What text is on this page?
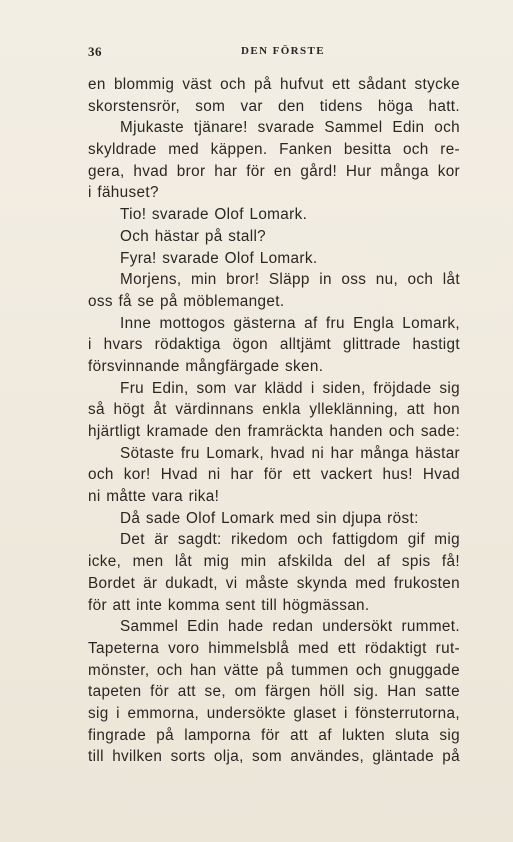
36	DEN FÖRSTE
en blommig väst och på hufvut ett sådant stycke
skorstensrör, som var den tidens höga hatt.
Mjukaste tjänare! svarade Sammel Edin och
skyldrade med käppen. Fanken besitta och re-
gera, hvad bror har för en gård! Hur många kor
i fähuset?
Tio! svarade Olof Lomark.
Och hästar på stall?
Fyra! svarade Olof Lomark.
Morjens, min bror! Släpp in oss nu, och låt
oss få se på möblemanget.
Inne mottogos gästerna af fru Engla Lomark,
i hvars rödaktiga ögon alltjämt glittrade hastigt
försvinnande mångfärgade sken.
Fru Edin, som var klädd i siden, fröjdade sig
så högt åt värdinnans enkla ylleklänning, att hon
hjärtligt kramade den framräckta handen och sade:
Sötaste fru Lomark, hvad ni har många hästar
och kor! Hvad ni har för ett vackert hus! Hvad
ni måtte vara rika!
Då sade Olof Lomark med sin djupa röst:
Det är sagdt: rikedom och fattigdom gif mig
icke, men låt mig min afskilda del af spis få!
Bordet är dukadt, vi måste skynda med frukosten
för att inte komma sent till högmässan.
Sammel Edin hade redan undersökt rummet.
Tapeterna voro himmelsblå med ett rödaktigt rut-
mönster, och han vätte på tummen och gnuggade
tapeten för att se, om färgen höll sig. Han satte
sig i emmorna, undersökte glaset i fönsterrutorna,
fingrade på lamporna för att af lukten sluta sig
till hvilken sorts olja, som användes, gläntade på
